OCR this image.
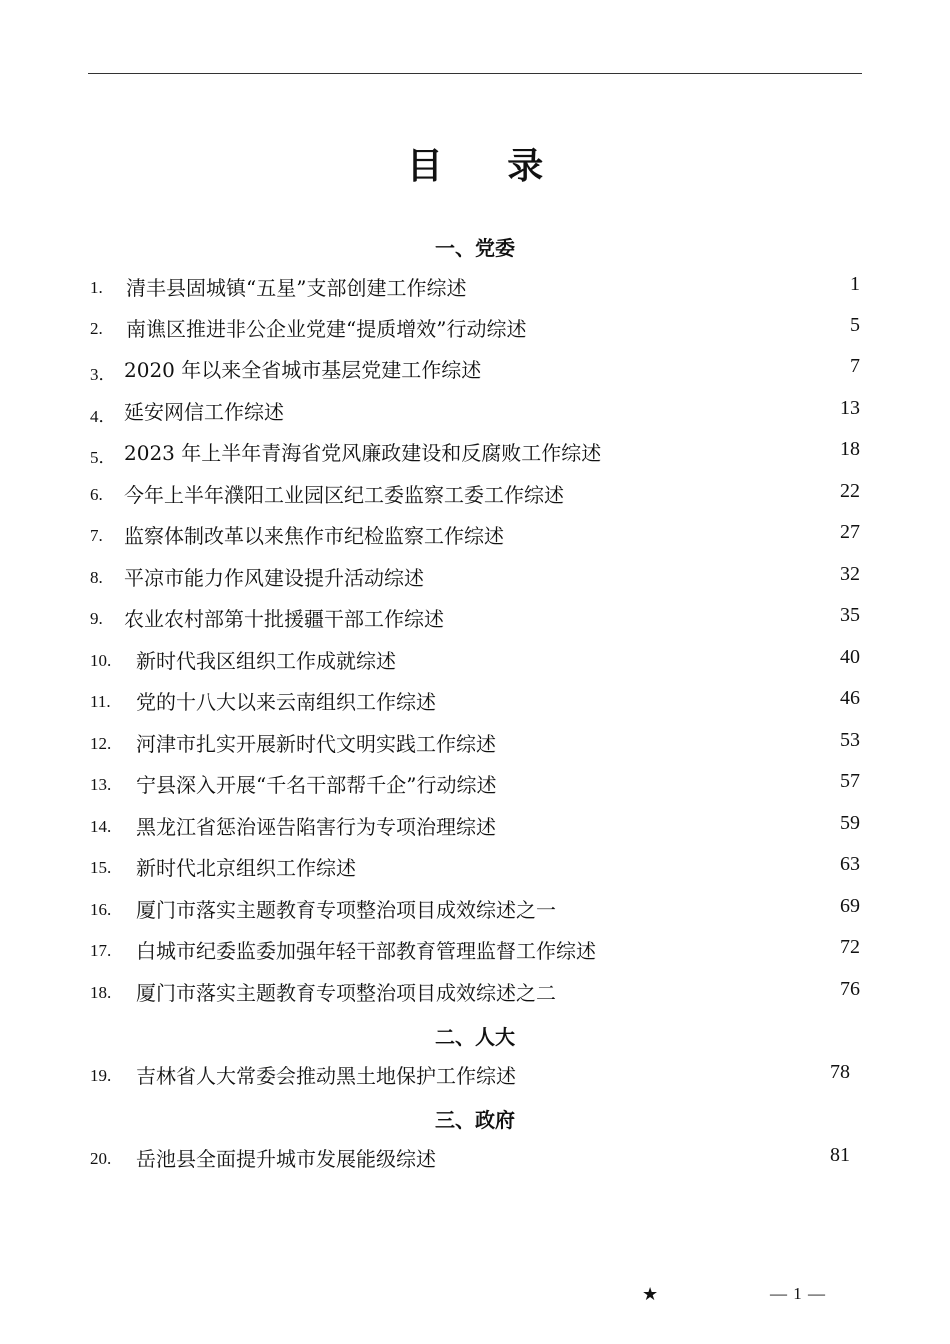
目 录
一、党委
1. 清丰县固城镇“五星”支部创建工作综述	1
2. 南谯区推进非公企业党建“提质增效”行动综述	5
3． 2020 年以来全省城市基层党建工作综述	7
4． 延安网信工作综述	13
5． 2023 年上半年青海省党风廉政建设和反腐败工作综述	18
6. 今年上半年濮阳工业园区纪工委监察工委工作综述	22
7. 监察体制改革以来焦作市纪检监察工作综述	27
8. 平凉市能力作风建设提升活动综述	32
9. 农业农村部第十批援疆干部工作综述	35
10. 新时代我区组织工作成就综述	40
11. 党的十八大以来云南组织工作综述	46
12. 河津市扎实开展新时代文明实践工作综述	53
13. 宁县深入开展“千名干部帮千企”行动综述	57
14. 黑龙江省惩治诬告陷害行为专项治理综述	59
15. 新时代北京组织工作综述	63
16. 厦门市落实主题教育专项整治项目成效综述之一	69
17. 白城市纪委监委加强年轻干部教育管理监督工作综述	72
18. 厦门市落实主题教育专项整治项目成效综述之二	76
二、人大
19. 吉林省人大常委会推动黑土地保护工作综述	78
三、政府
20. 岳池县全面提升城市发展能级综述	81
★	— 1 —
